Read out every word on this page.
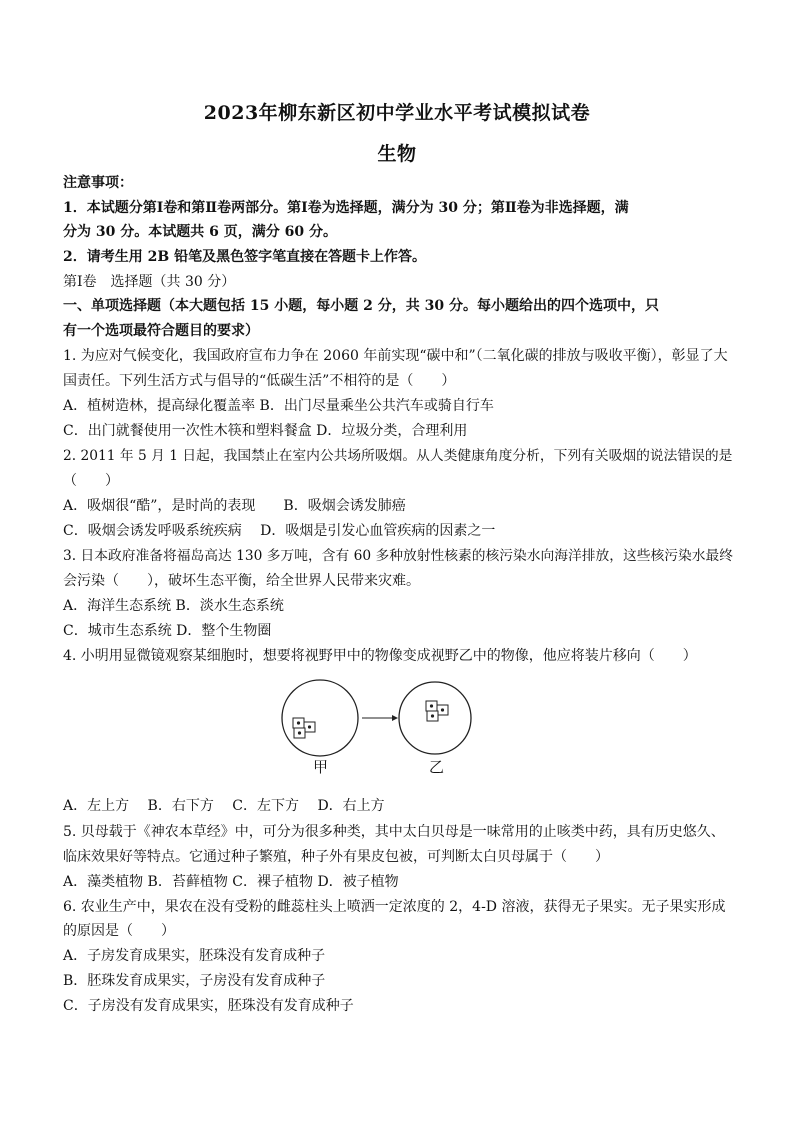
2023年柳东新区初中学业水平考试模拟试卷
生物
注意事项：
1．本试题分第Ⅰ卷和第Ⅱ卷两部分。第Ⅰ卷为选择题，满分为 30 分；第Ⅱ卷为非选择题，满
分为 30 分。本试题共 6 页，满分 60 分。
2．请考生用 2B 铅笔及黑色签字笔直接在答题卡上作答。
第Ⅰ卷　选择题（共 30 分）
一、单项选择题（本大题包括 15 小题，每小题 2 分，共 30 分。每小题给出的四个选项中，只
有一个选项最符合题目的要求）
1. 为应对气候变化，我国政府宣布力争在 2060 年前实现“碳中和”（二氧化碳的排放与吸收平衡），彰显了大
国责任。下列生活方式与倡导的“低碳生活”不相符的是（　　）
A．植树造林，提高绿化覆盖率 B．出门尽量乘坐公共汽车或骑自行车
C．出门就餐使用一次性木筷和塑料餐盒 D．垃圾分类，合理利用
2. 2011 年 5 月 1 日起，我国禁止在室内公共场所吸烟。从人类健康角度分析，下列有关吸烟的说法错误的是
（　　）
A．吸烟很“酷”，是时尚的表现　　B．吸烟会诱发肺癌
C．吸烟会诱发呼吸系统疾病　 D．吸烟是引发心血管疾病的因素之一
3. 日本政府准备将福岛高达 130 多万吨，含有 60 多种放射性核素的核污染水向海洋排放，这些核污染水最终
会污染（　　），破坏生态平衡，给全世界人民带来灾难。
A．海洋生态系统 B．淡水生态系统
C．城市生态系统 D．整个生物圈
4. 小明用显微镜观察某细胞时，想要将视野甲中的物像变成视野乙中的物像，他应将装片移向（　　）
甲	乙
A．左上方　 B．右下方　 C．左下方　 D．右上方
5. 贝母载于《神农本草经》中，可分为很多种类，其中太白贝母是一味常用的止咳类中药，具有历史悠久、
临床效果好等特点。它通过种子繁殖，种子外有果皮包被，可判断太白贝母属于（　　）
A．藻类植物 B．苔藓植物 C．裸子植物 D．被子植物
6. 农业生产中，果农在没有受粉的雌蕊柱头上喷洒一定浓度的 2，4-D 溶液，获得无子果实。无子果实形成
的原因是（　　）
A．子房发育成果实，胚珠没有发育成种子
B．胚珠发育成果实，子房没有发育成种子
C．子房没有发育成果实，胚珠没有发育成种子
